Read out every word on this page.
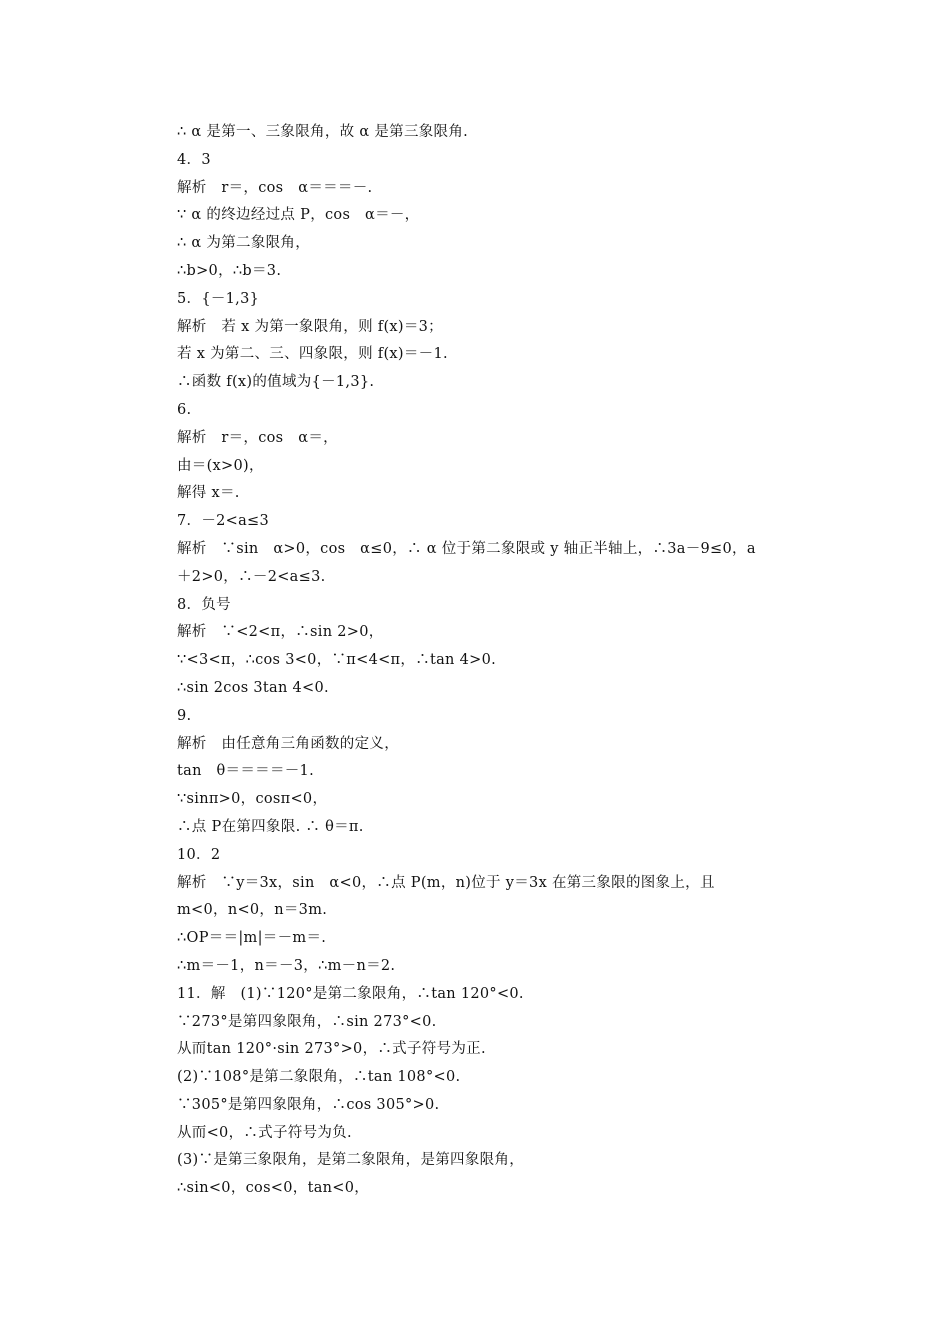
∴ α 是第一、三象限角，故 α 是第三象限角.
4．3
解析　r＝，cos　α＝＝＝－.
∵ α 的终边经过点 P，cos　α＝－，
∴ α 为第二象限角，
∴b>0，∴b＝3.
5．{－1,3}
解析　若 x 为第一象限角，则 f(x)＝3；
若 x 为第二、三、四象限，则 f(x)＝－1.
∴函数 f(x)的值域为{－1,3}.
6.
解析　r＝，cos　α＝，
由＝(x>0)，
解得 x＝.
7．－2<a≤3
解析　∵sin　α>0，cos　α≤0，∴ α 位于第二象限或 y 轴正半轴上，∴3a－9≤0，a
＋2>0，∴－2<a≤3.
8．负号
解析　∵<2<π，∴sin 2>0，
∵<3<π，∴cos 3<0，∵π<4<π，∴tan 4>0.
∴sin 2cos 3tan 4<0.
9.
解析　由任意角三角函数的定义，
tan　θ＝＝＝＝－1.
∵sinπ>0，cosπ<0，
∴点 P在第四象限. ∴ θ＝π.
10．2
解析　∵y＝3x，sin　α<0，∴点 P(m，n)位于 y＝3x 在第三象限的图象上，且
m<0，n<0，n＝3m.
∴OP＝＝|m|＝－m＝.
∴m＝－1，n＝－3，∴m－n＝2.
11．解　(1)∵120°是第二象限角，∴tan 120°<0.
∵273°是第四象限角，∴sin 273°<0.
从而tan 120°·sin 273°>0，∴式子符号为正.
(2)∵108°是第二象限角，∴tan 108°<0.
∵305°是第四象限角，∴cos 305°>0.
从而<0，∴式子符号为负.
(3)∵是第三象限角，是第二象限角，是第四象限角，
∴sin<0，cos<0，tan<0，
